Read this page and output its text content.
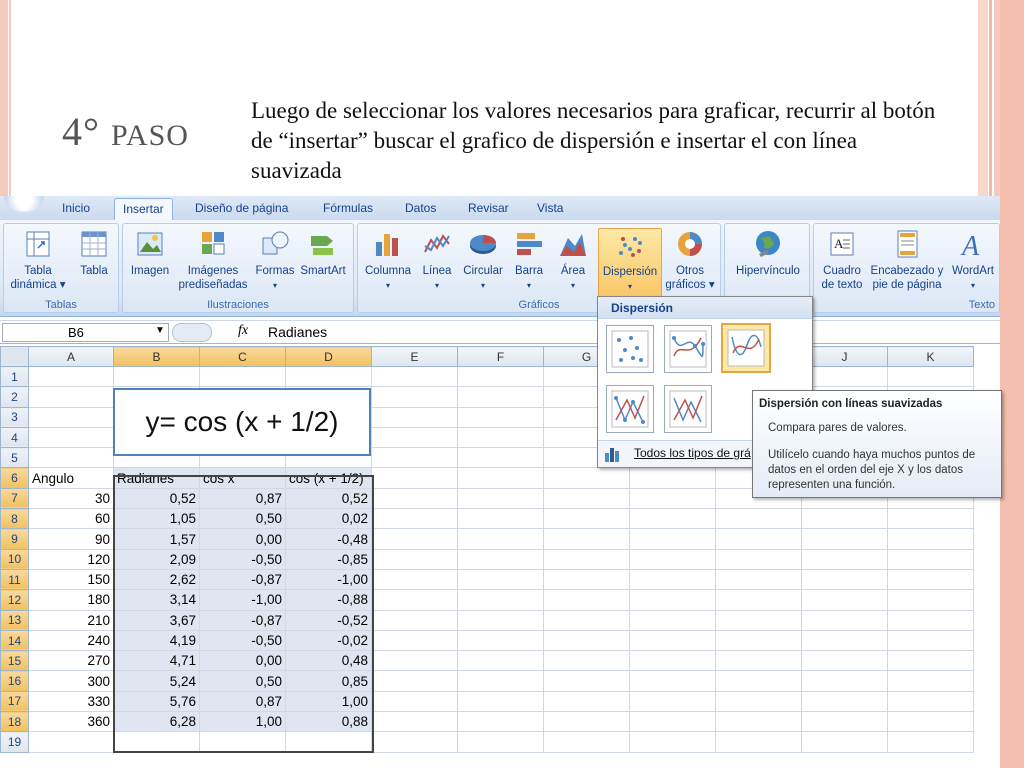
4° PASO
Luego de seleccionar los valores necesarios para graficar, recurrir al botón de “insertar” buscar el grafico de dispersión e insertar el con línea suavizada
Inicio	Insertar	Diseño de página	Fórmulas	Datos	Revisar Vista
Tabla
dinámica ▾
Tabla
Tablas
Imagen	Imágenes
prediseñadas
Formas
▾
SmartArt
Ilustraciones
Columna
▾
Línea
▾
Circular
▾
Barra
▾
Área
▾
Dispersión
▾
Otros
gráficos ▾
Gráficos
Hipervínculo
A
Cuadro
de texto
Encabezado y
pie de página
A
WordArt
▾
Texto
B6	▼	fx Radianes
	A	B	C	D	E	F	G			J	K
1											
2											
3											
4											
5											
6	Angulo	Radianes	cos x	cos (x + 1/2)							
7	30	0,52	0,87	0,52							
8	60	1,05	0,50	0,02							
9	90	1,57	0,00	-0,48							
10	120	2,09	-0,50	-0,85							
11	150	2,62	-0,87	-1,00							
12	180	3,14	-1,00	-0,88							
13	210	3,67	-0,87	-0,52							
14	240	4,19	-0,50	-0,02							
15	270	4,71	0,00	0,48							
16	300	5,24	0,50	0,85							
17	330	5,76	0,87	1,00							
18	360	6,28	1,00	0,88							
19											
y= cos (x + 1/2)
Dispersión
Todos los tipos de grá
Dispersión con líneas suavizadas
Compara pares de valores.
Utilícelo cuando haya muchos puntos de datos en el orden del eje X y los datos representen una función.
